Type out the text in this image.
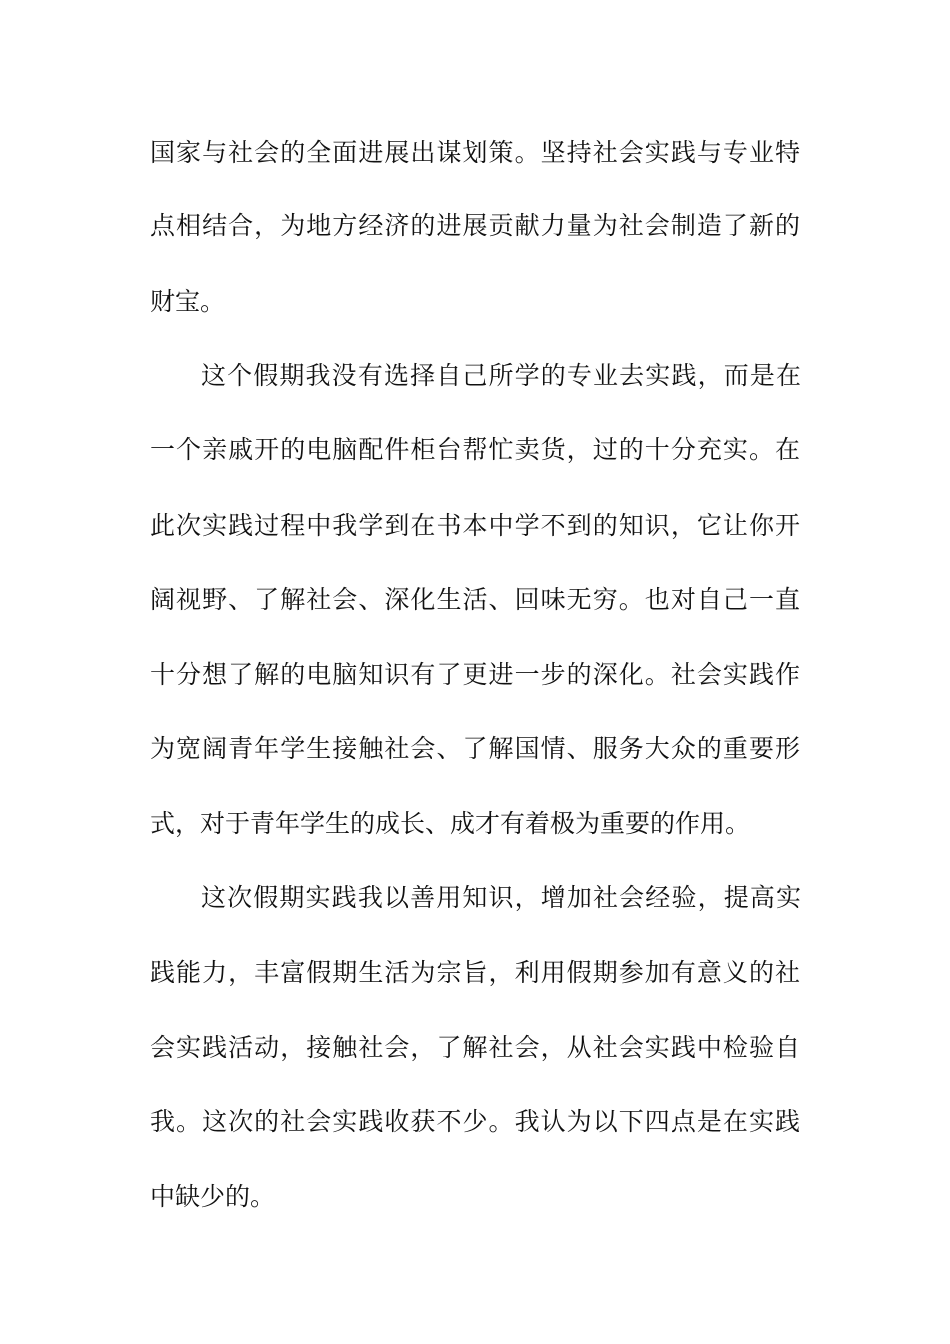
国家与社会的全面进展出谋划策。坚持社会实践与专业特
点相结合，为地方经济的进展贡献力量为社会制造了新的
财宝。
这个假期我没有选择自己所学的专业去实践，而是在
一个亲戚开的电脑配件柜台帮忙卖货，过的十分充实。在
此次实践过程中我学到在书本中学不到的知识，它让你开
阔视野、了解社会、深化生活、回味无穷。也对自己一直
十分想了解的电脑知识有了更进一步的深化。社会实践作
为宽阔青年学生接触社会、了解国情、服务大众的重要形
式，对于青年学生的成长、成才有着极为重要的作用。
这次假期实践我以善用知识，增加社会经验，提高实
践能力，丰富假期生活为宗旨，利用假期参加有意义的社
会实践活动，接触社会，了解社会，从社会实践中检验自
我。这次的社会实践收获不少。我认为以下四点是在实践
中缺少的。
